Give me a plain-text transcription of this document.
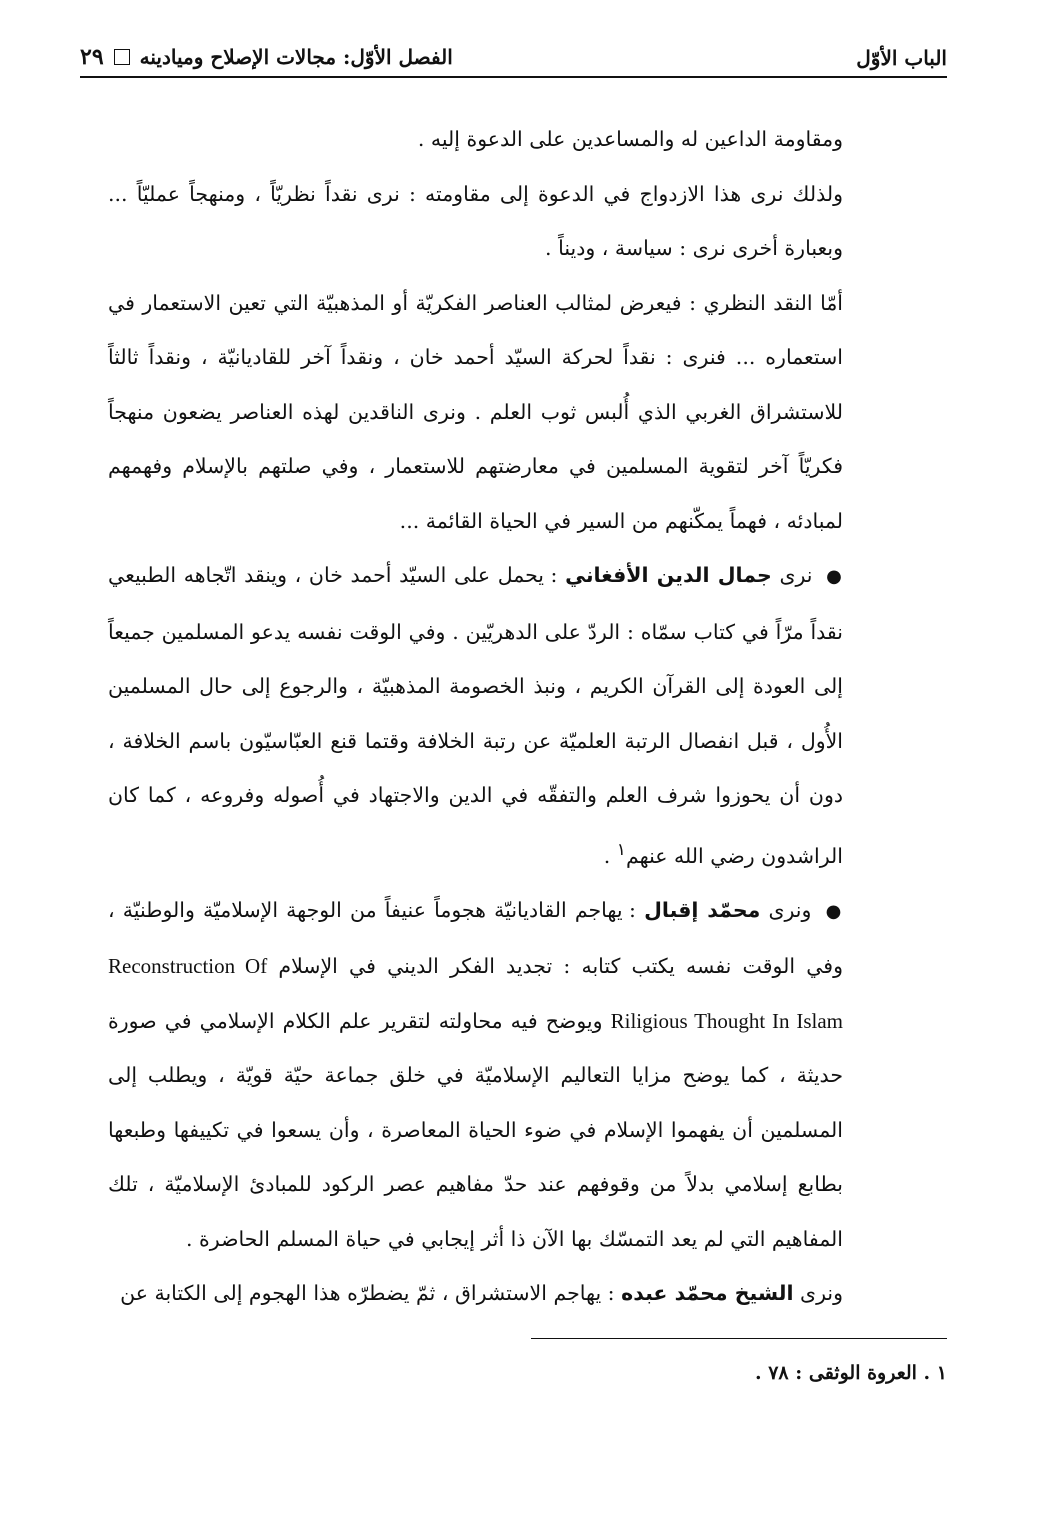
الباب الأوّل
الفصل الأوّل: مجالات الإصلاح وميادينه
٢٩

ومقاومة الداعين له والمساعدين على الدعوة إليه .

ولذلك نرى هذا الازدواج في الدعوة إلى مقاومته : نرى نقداً نظريّاً ، ومنهجاً عمليّاً ... وبعبارة أخرى نرى : سياسة ، وديناً .

أمّا النقد النظري : فيعرض لمثالب العناصر الفكريّة أو المذهبيّة التي تعين الاستعمار في استعماره ... فنرى : نقداً لحركة السيّد أحمد خان ، ونقداً آخر للقاديانيّة ، ونقداً ثالثاً للاستشراق الغربي الذي أُلبس ثوب العلم . ونرى الناقدين لهذه العناصر يضعون منهجاً فكريّاً آخر لتقوية المسلمين في معارضتهم للاستعمار ، وفي صلتهم بالإسلام وفهمهم لمبادئه ، فهماً يمكّنهم من السير في الحياة القائمة ...

● نرى جمال الدين الأفغاني : يحمل على السيّد أحمد خان ، وينقد اتّجاهه الطبيعي نقداً مرّاً في كتاب سمّاه : الردّ على الدهريّين . وفي الوقت نفسه يدعو المسلمين جميعاً إلى العودة إلى القرآن الكريم ، ونبذ الخصومة المذهبيّة ، والرجوع إلى حال المسلمين الأُول ، قبل انفصال الرتبة العلميّة عن رتبة الخلافة وقتما قنع العبّاسيّون باسم الخلافة ، دون أن يحوزوا شرف العلم والتفقّه في الدين والاجتهاد في أُصوله وفروعه ، كما كان الراشدون رضي الله عنهم$^١$ .

● ونرى محمّد إقبال : يهاجم القاديانيّة هجوماً عنيفاً من الوجهة الإسلاميّة والوطنيّة ، وفي الوقت نفسه يكتب كتابه : تجديد الفكر الديني في الإسلام Reconstruction Of Riligious Thought In Islam ويوضح فيه محاولته لتقرير علم الكلام الإسلامي في صورة حديثة ، كما يوضح مزايا التعاليم الإسلاميّة في خلق جماعة حيّة قويّة ، ويطلب إلى المسلمين أن يفهموا الإسلام في ضوء الحياة المعاصرة ، وأن يسعوا في تكييفها وطبعها بطابع إسلامي بدلاً من وقوفهم عند حدّ مفاهيم عصر الركود للمبادئ الإسلاميّة ، تلك المفاهيم التي لم يعد التمسّك بها الآن ذا أثر إيجابي في حياة المسلم الحاضرة .

ونرى الشيخ محمّد عبده : يهاجم الاستشراق ، ثمّ يضطرّه هذا الهجوم إلى الكتابة عن

١ . العروة الوثقى : ٧٨ .
